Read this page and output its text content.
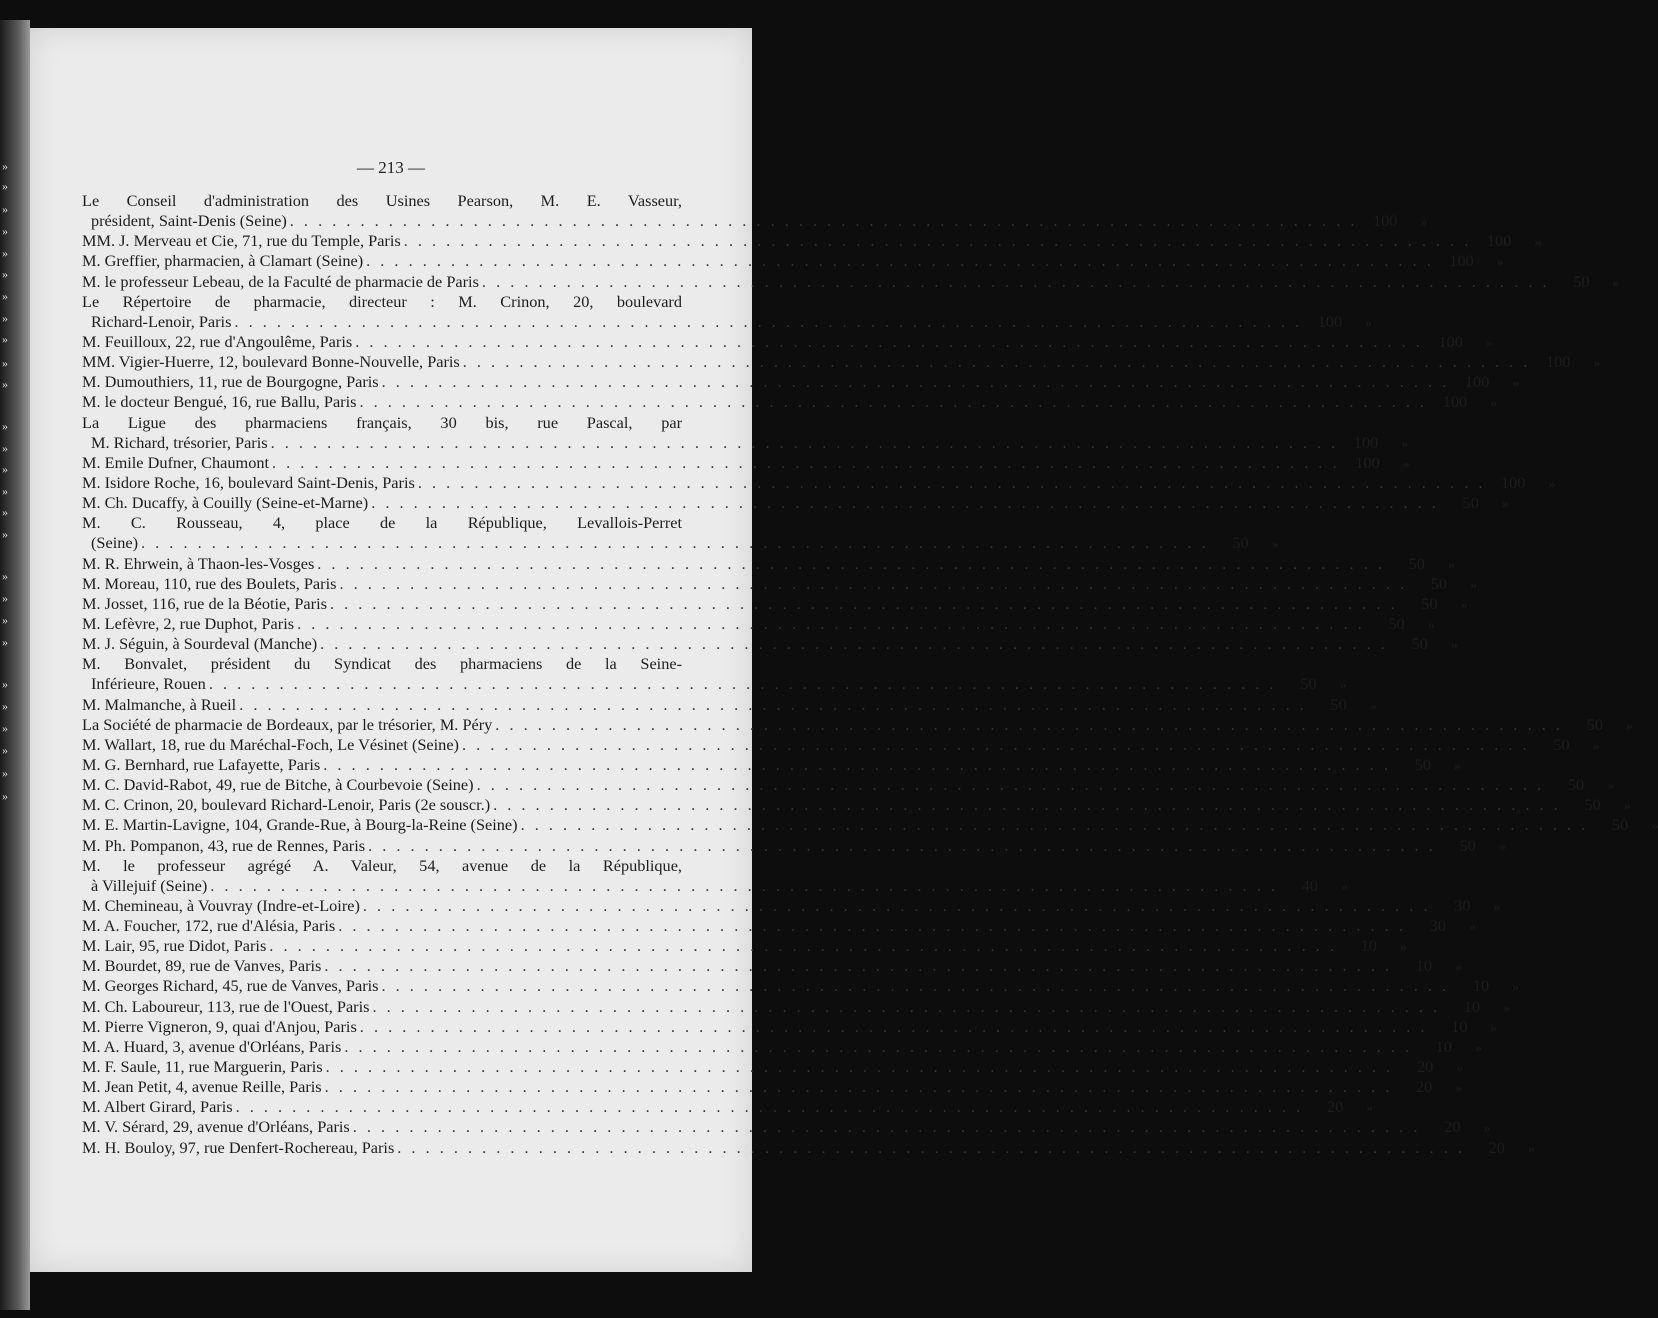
»
»
»
»
»
»
»
»
»
»
»
»
»
»
»
»
»
»
»
»
»
»
»
»
»
»
»
— 213 —
Le Conseil d'administration des Usines Pearson, M. E. Vasseur,
président, Saint-Denis (Seine) . . .	100	»
MM. J. Merveau et Cie, 71, rue du Temple, Paris . . .	100	»
M. Greffier, pharmacien, à Clamart (Seine) . . .	100	»
M. le professeur Lebeau, de la Faculté de pharmacie de Paris . . .	50	»
Le Répertoire de pharmacie, directeur : M. Crinon, 20, boulevard
Richard-Lenoir, Paris . . .	100	»
M. Feuilloux, 22, rue d'Angoulême, Paris . . .	100	»
MM. Vigier-Huerre, 12, boulevard Bonne-Nouvelle, Paris . . .	100	»
M. Dumouthiers, 11, rue de Bourgogne, Paris . . .	100	»
M. le docteur Bengué, 16, rue Ballu, Paris . . .	100	»
La Ligue des pharmaciens français, 30 bis, rue Pascal, par
M. Richard, trésorier, Paris . . .	100	»
M. Emile Dufner, Chaumont . . .	100	»
M. Isidore Roche, 16, boulevard Saint-Denis, Paris . . .	100	»
M. Ch. Ducaffy, à Couilly (Seine-et-Marne) . . .	50	»
M. C. Rousseau, 4, place de la République, Levallois-Perret
(Seine) . . .	50	»
M. R. Ehrwein, à Thaon-les-Vosges . . .	50	»
M. Moreau, 110, rue des Boulets, Paris . . .	50	»
M. Josset, 116, rue de la Béotie, Paris . . .	50	»
M. Lefèvre, 2, rue Duphot, Paris . . .	50	»
M. J. Séguin, à Sourdeval (Manche) . . .	50	»
M. Bonvalet, président du Syndicat des pharmaciens de la Seine-
Inférieure, Rouen . . .	50	»
M. Malmanche, à Rueil . . .	50	»
La Société de pharmacie de Bordeaux, par le trésorier, M. Péry . . .	50	»
M. Wallart, 18, rue du Maréchal-Foch, Le Vésinet (Seine) . . .	50	»
M. G. Bernhard, rue Lafayette, Paris . . .	50	»
M. C. David-Rabot, 49, rue de Bitche, à Courbevoie (Seine) . . .	50	»
M. C. Crinon, 20, boulevard Richard-Lenoir, Paris (2e souscr.) . . .	50	»
M. E. Martin-Lavigne, 104, Grande-Rue, à Bourg-la-Reine (Seine) . . .	50	»
M. Ph. Pompanon, 43, rue de Rennes, Paris . . .	50	»
M. le professeur agrégé A. Valeur, 54, avenue de la République,
à Villejuif (Seine) . . .	40	»
M. Chemineau, à Vouvray (Indre-et-Loire) . . .	30	»
M. A. Foucher, 172, rue d'Alésia, Paris . . .	30	»
M. Lair, 95, rue Didot, Paris . . .	10	»
M. Bourdet, 89, rue de Vanves, Paris . . .	10	»
M. Georges Richard, 45, rue de Vanves, Paris . . .	10	»
M. Ch. Laboureur, 113, rue de l'Ouest, Paris . . .	10	»
M. Pierre Vigneron, 9, quai d'Anjou, Paris . . .	10	»
M. A. Huard, 3, avenue d'Orléans, Paris . . .	10	»
M. F. Saule, 11, rue Marguerin, Paris . . .	20	»
M. Jean Petit, 4, avenue Reille, Paris . . .	20	»
M. Albert Girard, Paris . . .	20	»
M. V. Sérard, 29, avenue d'Orléans, Paris . . .	20	»
M. H. Bouloy, 97, rue Denfert-Rochereau, Paris . . .	20	»
